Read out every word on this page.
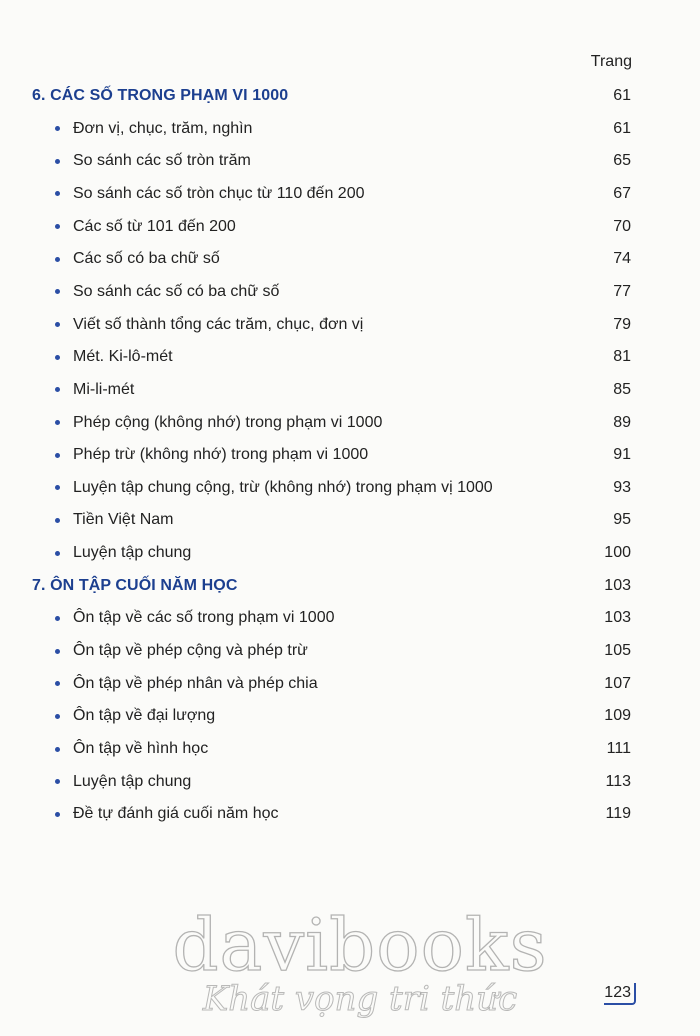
Trang
6. CÁC SỐ TRONG PHẠM VI 1000	61
Đơn vị, chục, trăm, nghìn	61
So sánh các số tròn trăm	65
So sánh các số tròn chục từ 110 đến 200	67
Các số từ 101 đến 200	70
Các số có ba chữ số	74
So sánh các số có ba chữ số	77
Viết số thành tổng các trăm, chục, đơn vị	79
Mét. Ki-lô-mét	81
Mi-li-mét	85
Phép cộng (không nhớ) trong phạm vi 1000	89
Phép trừ (không nhớ) trong phạm vi 1000	91
Luyện tập chung cộng, trừ (không nhớ) trong phạm vị 1000	93
Tiền Việt Nam	95
Luyện tập chung	100
7. ÔN TẬP CUỐI NĂM HỌC	103
Ôn tập về các số trong phạm vi 1000	103
Ôn tập về phép cộng và phép trừ	105
Ôn tập về phép nhân và phép chia	107
Ôn tập về đại lượng	109
Ôn tập về hình học	111
Luyện tập chung	113
Đề tự đánh giá cuối năm học	119
davibooks
Khát vọng tri thức	123
